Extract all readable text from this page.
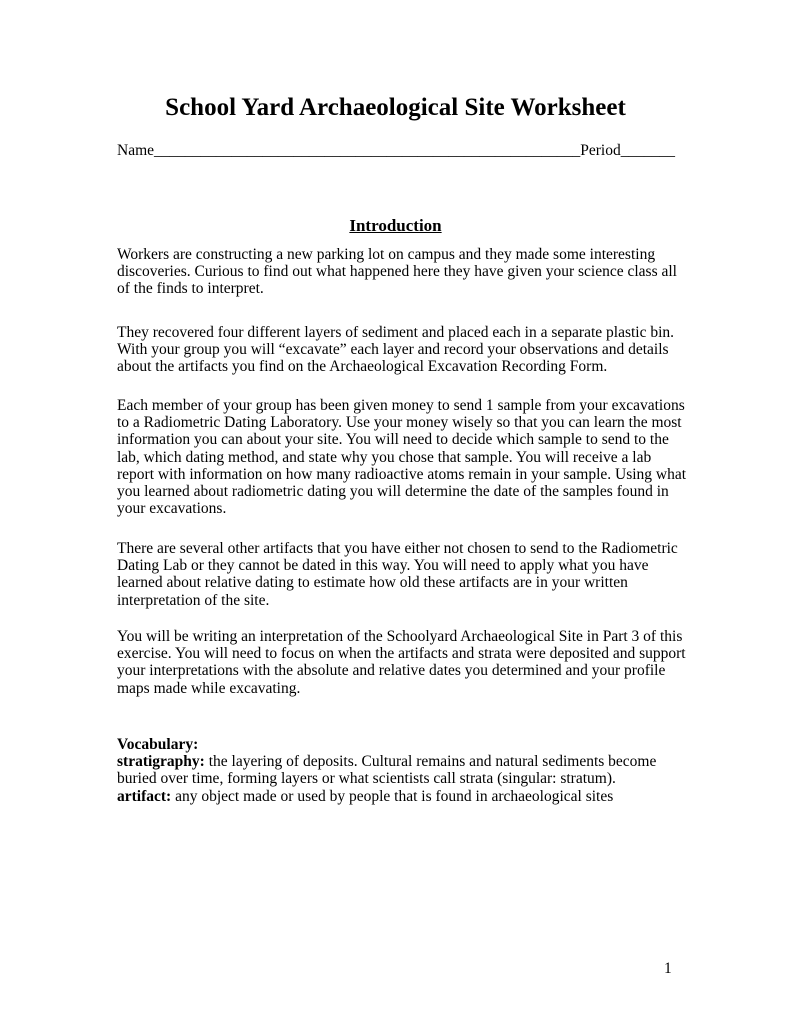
School Yard Archaeological Site Worksheet
Name_______________________________________________________Period_______
Introduction

Workers are constructing a new parking lot on campus and they made some interesting discoveries. Curious to find out what happened here they have given your science class all of the finds to interpret.

They recovered four different layers of sediment and placed each in a separate plastic bin. With your group you will “excavate” each layer and record your observations and details about the artifacts you find on the Archaeological Excavation Recording Form.

Each member of your group has been given money to send 1 sample from your excavations to a Radiometric Dating Laboratory. Use your money wisely so that you can learn the most information you can about your site. You will need to decide which sample to send to the lab, which dating method, and state why you chose that sample. You will receive a lab report with information on how many radioactive atoms remain in your sample. Using what you learned about radiometric dating you will determine the date of the samples found in your excavations.

There are several other artifacts that you have either not chosen to send to the Radiometric Dating Lab or they cannot be dated in this way. You will need to apply what you have learned about relative dating to estimate how old these artifacts are in your written interpretation of the site.

You will be writing an interpretation of the Schoolyard Archaeological Site in Part 3 of this exercise. You will need to focus on when the artifacts and strata were deposited and support your interpretations with the absolute and relative dates you determined and your profile maps made while excavating.

Vocabulary:
stratigraphy: the layering of deposits. Cultural remains and natural sediments become buried over time, forming layers or what scientists call strata (singular: stratum).
artifact: any object made or used by people that is found in archaeological sites
1
